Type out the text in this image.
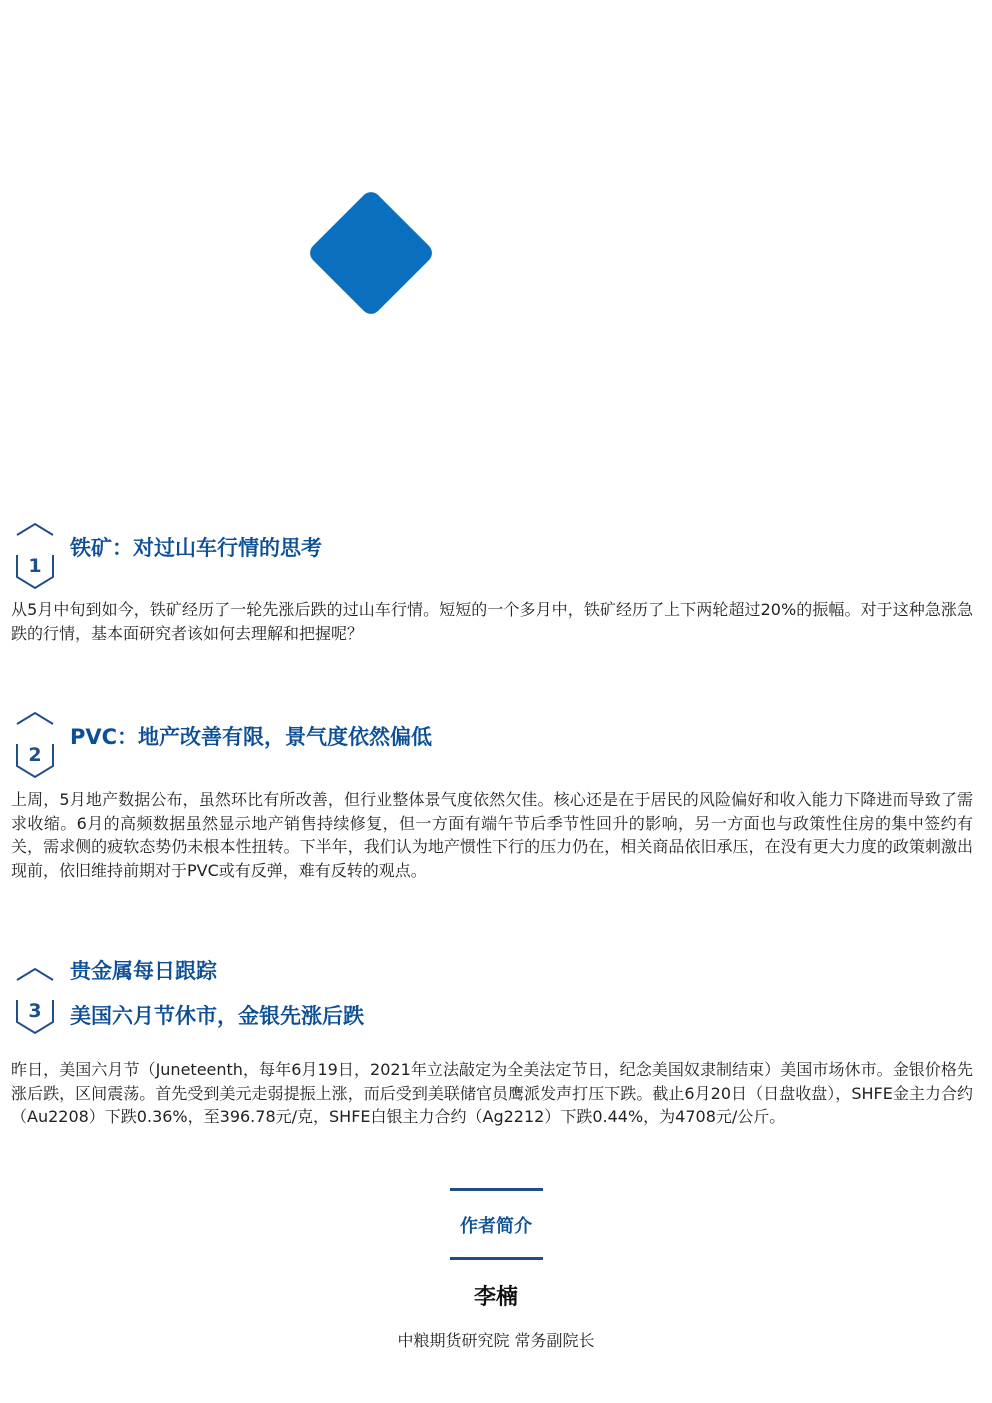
1
铁矿：对过山车行情的思考
从5月中旬到如今，铁矿经历了一轮先涨后跌的过山车行情。短短的一个多月中，铁矿经历了上下两轮超过20%的振幅。对于这种急涨急跌的行情，基本面研究者该如何去理解和把握呢？
2
PVC：地产改善有限，景气度依然偏低
上周，5月地产数据公布，虽然环比有所改善，但行业整体景气度依然欠佳。核心还是在于居民的风险偏好和收入能力下降进而导致了需求收缩。6月的高频数据虽然显示地产销售持续修复，但一方面有端午节后季节性回升的影响，另一方面也与政策性住房的集中签约有关，需求侧的疲软态势仍未根本性扭转。下半年，我们认为地产惯性下行的压力仍在，相关商品依旧承压，在没有更大力度的政策刺激出现前，依旧维持前期对于PVC或有反弹，难有反转的观点。
3
贵金属每日跟踪
美国六月节休市，金银先涨后跌
昨日，美国六月节（Juneteenth，每年6月19日，2021年立法敲定为全美法定节日，纪念美国奴隶制结束）美国市场休市。金银价格先涨后跌，区间震荡。首先受到美元走弱提振上涨，而后受到美联储官员鹰派发声打压下跌。截止6月20日（日盘收盘），SHFE金主力合约（Au2208）下跌0.36%，至396.78元/克，SHFE白银主力合约（Ag2212）下跌0.44%，为4708元/公斤。
作者简介
李楠
中粮期货研究院 常务副院长
